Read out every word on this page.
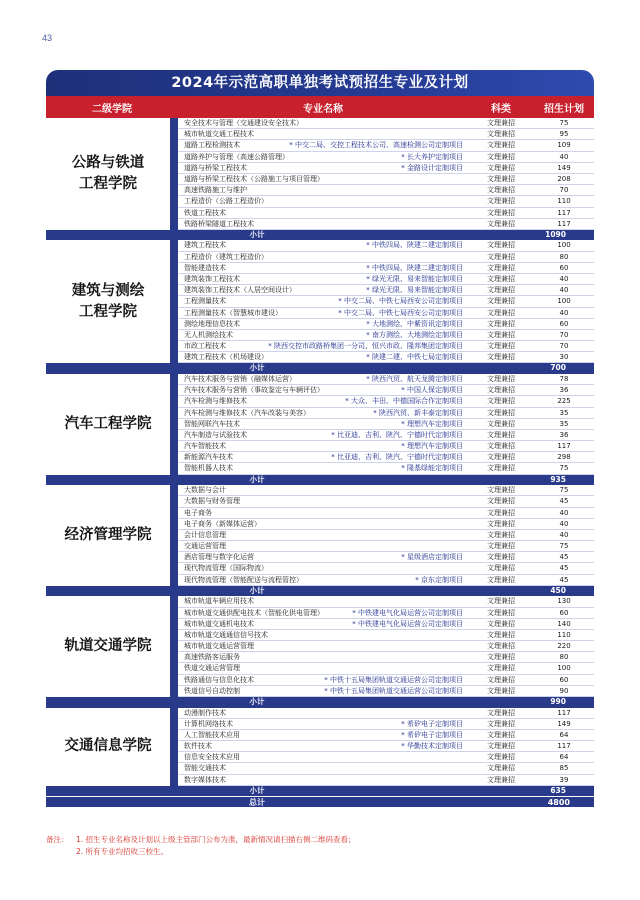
43
2024年示范高职单独考试预招生专业及计划
二级学院	专业名称	科类	招生计划
公路与铁道
工程学院
安全技术与管理（交通建设安全技术）	文理兼招	75
城市轨道交通工程技术	文理兼招	95
道路工程检测技术	* 中交二局、交控工程技术公司、高速检测公司定制项目	文理兼招	109
道路养护与管理（高速公路管理）	* 长大养护定制项目	文理兼招	40
道路与桥梁工程技术	* 金路设计定制项目	文理兼招	149
道路与桥梁工程技术（公路施工与项目管理）	文理兼招	208
高速铁路施工与维护	文理兼招	70
工程造价（公路工程造价）	文理兼招	110
铁道工程技术	文理兼招	117
铁路桥梁隧道工程技术	文理兼招	117
小计	1090
建筑与测绘
工程学院
建筑工程技术	* 中铁四局、陕建二建定制项目	文理兼招	100
工程造价（建筑工程造价）	文理兼招	80
智能建造技术	* 中铁四局、陕建二建定制项目	文理兼招	60
建筑装饰工程技术	* 绿光无限、易来智能定制项目	文理兼招	40
建筑装饰工程技术（人居空间设计）	* 绿光无限、易来智能定制项目	文理兼招	40
工程测量技术	* 中交二局、中铁七局西安公司定制项目	文理兼招	100
工程测量技术（智慧城市建设）	* 中交二局、中铁七局西安公司定制项目	文理兼招	40
测绘地理信息技术	* 大地测绘、中紫资讯定制项目	文理兼招	60
无人机测绘技术	* 南方测绘、大地测绘定制项目	文理兼招	70
市政工程技术	* 陕西交控市政路桥集团一分司、恒兴市政、隆邦集团定制项目	文理兼招	70
建筑工程技术（机场建设）	* 陕建二建、中铁七局定制项目	文理兼招	30
小计	700
汽车工程学院
汽车技术服务与营销（融媒体运营）	* 陕西汽贸、航天龙腾定制项目	文理兼招	78
汽车技术服务与营销（事故鉴定与车辆评估）	* 中国人保定制项目	文理兼招	36
汽车检测与维修技术	* 大众、丰田、中德国际合作定制项目	文理兼招	225
汽车检测与维修技术（汽车改装与美容）	* 陕西汽贸、新丰泰定制项目	文理兼招	35
智能网联汽车技术	* 理想汽车定制项目	文理兼招	35
汽车制造与试验技术	* 比亚迪、吉利、陕汽、宁德时代定制项目	文理兼招	36
汽车智能技术	* 理想汽车定制项目	文理兼招	117
新能源汽车技术	* 比亚迪、吉利、陕汽、宁德时代定制项目	文理兼招	298
智能机器人技术	* 隆基绿能定制项目	文理兼招	75
小计	935
经济管理学院
大数据与会计	文理兼招	75
大数据与财务管理	文理兼招	45
电子商务	文理兼招	40
电子商务（新媒体运营）	文理兼招	40
会计信息管理	文理兼招	40
交通运营管理	文理兼招	75
酒店管理与数字化运营	* 星级酒店定制项目	文理兼招	45
现代物流管理（国际物流）	文理兼招	45
现代物流管理（智能配送与流程管控）	* 京东定制项目	文理兼招	45
小计	450
轨道交通学院
城市轨道车辆应用技术	文理兼招	130
城市轨道交通供配电技术（智能化供电管理）	* 中铁建电气化局运营公司定制项目	文理兼招	60
城市轨道交通机电技术	* 中铁建电气化局运营公司定制项目	文理兼招	140
城市轨道交通通信信号技术	文理兼招	110
城市轨道交通运营管理	文理兼招	220
高速铁路客运服务	文理兼招	80
铁道交通运营管理	文理兼招	100
铁路通信与信息化技术	* 中铁十五局集团轨道交通运营公司定制项目	文理兼招	60
铁道信号自动控制	* 中铁十五局集团轨道交通运营公司定制项目	文理兼招	90
小计	990
交通信息学院
动漫制作技术	文理兼招	117
计算机网络技术	* 希矽电子定制项目	文理兼招	149
人工智能技术应用	* 希矽电子定制项目	文理兼招	64
软件技术	* 华勤技术定制项目	文理兼招	117
信息安全技术应用	文理兼招	64
智能交通技术	文理兼招	85
数字媒体技术	文理兼招	39
小计	635
总计	4800
备注： 1. 招生专业名称及计划以上级主管部门公布为准，最新情况请扫描右侧二维码查看；
2. 所有专业均招收三校生。
